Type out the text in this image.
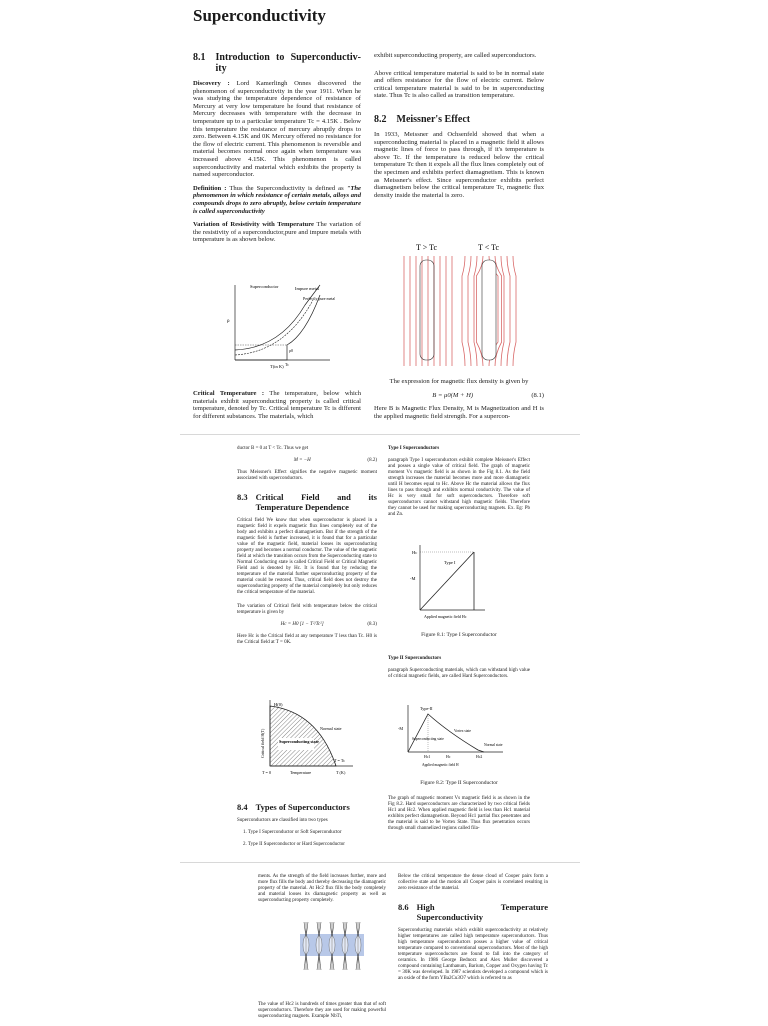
Superconductivity
8.1 Introduction to Superconductiv- ity

Discovery : Lord Kamerlingh Onnes discovered the phenomenon of superconductivity in the year 1911. When he was studying the temperature dependence of resistance of Mercury at very low temperature he found that resistance of Mercury decreases with temperature with the decrease in temperature up to a particular temperature Tc = 4.15K . Below this temperature the resistance of mercury abruptly drops to zero. Between 4.15K and 0K Mercury offered no resistance for the flow of electric current. This phenomenon is reversible and material becomes normal once again when temperature was increased above 4.15K. This phenomenon is called superconductivity and material which exhibits the property is named superconductor.

Definition : Thus the Superconductivity is defined as "The phenomenon in which resistance of certain metals, alloys and compounds drops to zero abruptly, below certain temperature is called superconductivity

Variation of Resistivity with Temperature The variation of the resistivity of a superconductor,pure and impure metals with temperature is as shown below.

Superconductor	Impure metal
Perfectly pure metal
T(in K)
ρ
ρ0
Tc

Critical Temperature : The temperature, below which materials exhibit superconducting property is called critical temperature, denoted by Tc. Critical temperature Tc is different for different substances. The materials, which

exhibit superconducting property, are called superconductors.

Above critical temperature material is said to be in normal state and offers resistance for the flow of electric current. Below critical temperature material is said to be in superconducting state. Thus Tc is also called as transition temperature.

8.2 Meissner's Effect

In 1933, Meissner and Ochsenfeld showed that when a superconducting material is placed in a magnetic field it allows magnetic lines of force to pass through, if it's temperature is above Tc. If the temperature is reduced below the critical temperature Tc then it expels all the flux lines completely out of the specimen and exhibits perfect diamagnetism. This is known as Meissner's effect. Since superconductor exhibits perfect diamagnetism below the critical temperature Tc, magnetic flux density inside the material is zero.

T > Tc	T < Tc

The expression for magnetic flux density is given by

B = μ0(M + H)	(8.1)

Here B is Magnetic Flux Density, M is Magnetization and H is the applied magnetic field strength. For a supercon-

ductor B = 0 at T < Tc. Thus we get

M = −H	(8.2)

Thus Meissner's Effect signifies the negative magnetic moment associated with superconductors.

8.3 Critical Field and its Temperature Dependence

Critical field We know that when superconductor is placed in a magnetic field it expels magnetic flux lines completely out of the body and exhibits a perfect diamagnetism. But if the strength of the magnetic field is further increased, it is found that for a particular value of the magnetic field, material looses its superconducting property and becomes a normal conductor. The value of the magnetic field at which the transition occurs from the Superconducting state to Normal Conducting state is called Critical Field or Critical Magnetic Field and is denoted by Hc. It is found that by reducing the temperature of the material further superconducting property of the material could be restored. Thus, critical field does not destroy the superconducting property of the material completely but only reduces the critical temperature of the material.

The variation of Critical field with temperature below the critical temperature is given by

Hc = H0 [1 − T²/Tc²]	(8.3)

Here Hc is the Critical field at any temperature T less than Tc. H0 is the Critical field at T = 0K.

Superconducting state
H(0)
Normal state
T = Tc
T = 0	Temperature	T (K)
Critical field H(T)
8.4 Types of Superconductors

Superconductors are classified into two types

1. Type I Superconductor or Soft Superconductor

2. Type II Superconductor or Hard Superconductor

Type I Superconductors

paragraph Type I superconductors exhibit complete Meissner's Effect and posses a single value of critical field. The graph of magnetic moment Vs magnetic field is as shown in the Fig 8.1. As the field strength increases the material becomes more and more diamagnetic until H becomes equal to Hc. Above Hc the material allows the flux lines to pass through and exhibits normal conductivity. The value of Hc is very small for soft superconductors. Therefore soft superconductors cannot withstand high magnetic fields. Therefore they cannot be used for making superconducting magnets. Ex. Eg: Pb and Zn.

Hc
Type I
-M
Applied magnetic field Hc
Figure 8.1: Type I Superconductor

Type II Superconductors

paragraph Superconducting materials, which can withstand high value of critical magnetic fields, are called Hard Superconductors.

Type-II
Superconducting state
Vortex state
Normal state
-M
Hc1	Hc	Hc2
Applied magnetic field H
Figure 8.2: Type II Superconductor

The graph of magnetic moment Vs magnetic field is as shown in the Fig 8.2. Hard superconductors are characterized by two critical fields Hc1 and Hc2. When applied magnetic field is less than Hc1 material exhibits perfect diamagnetism. Beyond Hc1 partial flux penetrates and the material is said to be Vortex State. Thus flux penetration occurs through small channelized regions called fila-

ments. As the strength of the field increases further, more and more flux fills the body and thereby decreasing the diamagnetic property of the material. At Hc2 flux fills the body completely and material looses its diamagnetic property as well as superconducting property completely.

The value of Hc2 is hundreds of times greater than that of soft superconductors. Therefore they are used for making powerful superconducting magnets. Example NbTi,

Below the critical temperature the dense cloud of Cooper pairs form a collective state and the motion all Cooper pairs is correlated resulting in zero resistance of the material.

8.6 High Temperature Superconductivity

Superconducting materials which exhibit superconductivity at relatively higher temperatures are called high temperature superconductors. Thus high temperature superconductors posses a higher value of critical temperature compared to conventional superconductors. Most of the high temperature superconductors are found to fall into the category of ceramics. In 1986 George Bednorz and Alex Muller discovered a compound containing Lanthanum, Barium, Copper and Oxygen having Tc = 30K was developed. In 1987 scientists developed a compound which is an oxide of the form YBa2Cu3O7 which is referred to as
